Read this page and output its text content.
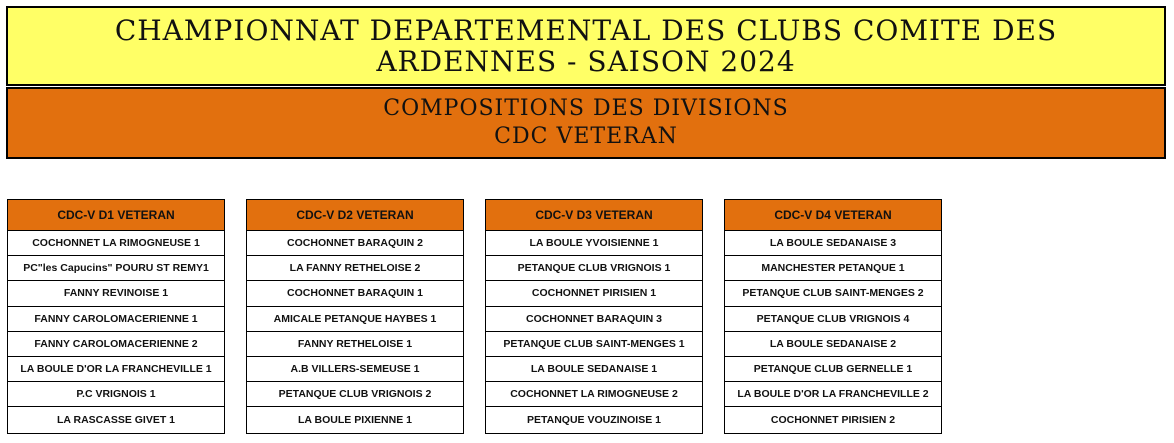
CHAMPIONNAT DEPARTEMENTAL DES CLUBS COMITE DES
ARDENNES - SAISON 2024
COMPOSITIONS DES DIVISIONS
CDC VETERAN
CDC-V D1 VETERAN
COCHONNET LA RIMOGNEUSE 1
PC"les Capucins" POURU ST REMY1
FANNY REVINOISE 1
FANNY CAROLOMACERIENNE 1
FANNY CAROLOMACERIENNE 2
LA BOULE D'OR LA FRANCHEVILLE 1
P.C VRIGNOIS 1
LA RASCASSE GIVET 1
CDC-V D2 VETERAN
COCHONNET BARAQUIN 2
LA FANNY RETHELOISE 2
COCHONNET BARAQUIN 1
AMICALE PETANQUE HAYBES 1
FANNY RETHELOISE 1
A.B VILLERS-SEMEUSE 1
PETANQUE CLUB VRIGNOIS 2
LA BOULE PIXIENNE 1
CDC-V D3 VETERAN
LA BOULE YVOISIENNE 1
PETANQUE CLUB VRIGNOIS 1
COCHONNET PIRISIEN 1
COCHONNET BARAQUIN 3
PETANQUE CLUB SAINT-MENGES 1
LA BOULE SEDANAISE 1
COCHONNET LA RIMOGNEUSE 2
PETANQUE VOUZINOISE 1
CDC-V D4 VETERAN
LA BOULE SEDANAISE 3
MANCHESTER PETANQUE 1
PETANQUE CLUB SAINT-MENGES 2
PETANQUE CLUB VRIGNOIS 4
LA BOULE SEDANAISE 2
PETANQUE CLUB GERNELLE 1
LA BOULE D'OR LA FRANCHEVILLE 2
COCHONNET PIRISIEN 2
